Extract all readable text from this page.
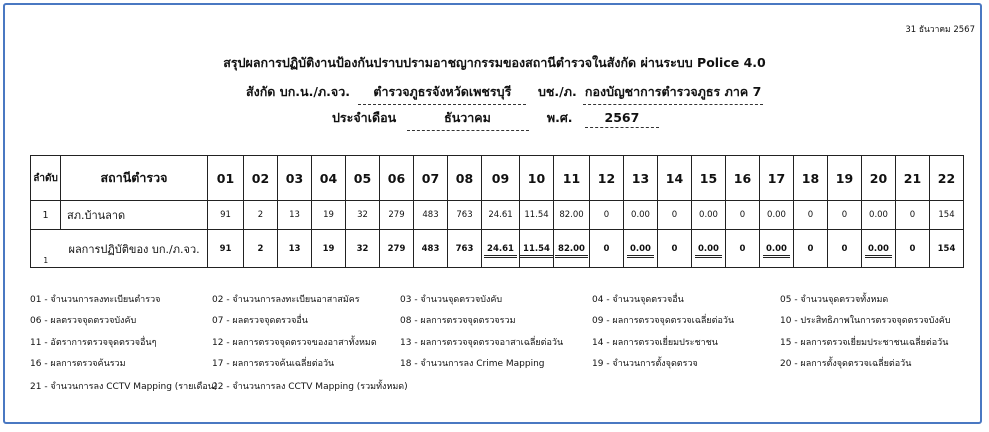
31 ธันวาคม 2567
สรุปผลการปฏิบัติงานป้องกันปราบปรามอาชญากรรมของสถานีตำรวจในสังกัด ผ่านระบบ Police 4.0
สังกัด บก.น./ภ.จว. ตำรวจภูธรจังหวัดเพชรบุรี	บช./ภ. กองบัญชาการตำรวจภูธร ภาค 7
ประจำเดือน	ธันวาคม	พ.ศ.	2567
ลำดับ	สถานีตำรวจ	01	02	03	04	05	06	07	08	09	10	11	12	13	14	15	16	17	18	19	20	21	22
1	สภ.บ้านลาด	91	2	13	19	32	279	483	763	24.61	11.54	82.00	0	0.00	0	0.00	0	0.00	0	0	0.00	0	154
1	ผลการปฏิบัติของ บก./ภ.จว.	91	2	13	19	32	279	483	763	24.61	11.54	82.00	0	0.00	0	0.00	0	0.00	0	0	0.00	0	154
01 - จำนวนการลงทะเบียนตำรวจ	02 - จำนวนการลงทะเบียนอาสาสมัคร	03 - จำนวนจุดตรวจบังคับ	04 - จำนวนจุดตรวจอื่น	05 - จำนวนจุดตรวจทั้งหมด
06 - ผลตรวจจุดตรวจบังคับ	07 - ผลตรวจจุดตรวจอื่น	08 - ผลการตรวจจุดตรวจรวม	09 - ผลการตรวจจุดตรวจเฉลี่ยต่อวัน	10 - ประสิทธิภาพในการตรวจจุดตรวจบังคับ
11 - อัตราการตรวจจุดตรวจอื่นๆ	12 - ผลการตรวจจุดตรวจของอาสาทั้งหมด	13 - ผลการตรวจจุดตรวจอาสาเฉลี่ยต่อวัน	14 - ผลการตรวจเยี่ยมประชาชน	15 - ผลการตรวจเยี่ยมประชาชนเฉลี่ยต่อวัน
16 - ผลการตรวจค้นรวม	17 - ผลการตรวจค้นเฉลี่ยต่อวัน	18 - จำนวนการลง Crime Mapping	19 - จำนวนการตั้งจุดตรวจ	20 - ผลการตั้งจุดตรวจเฉลี่ยต่อวัน
21 - จำนวนการลง CCTV Mapping (รายเดือน)
22 - จำนวนการลง CCTV Mapping (รวมทั้งหมด)
